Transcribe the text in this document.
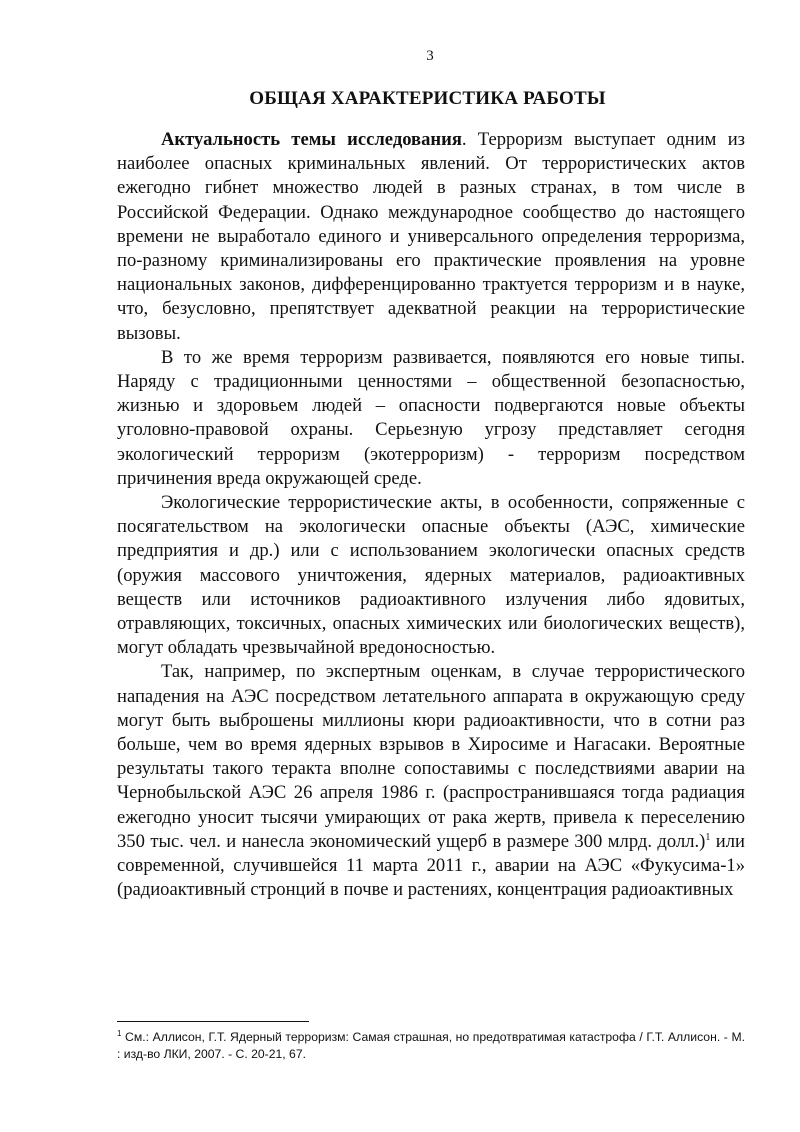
3
ОБЩАЯ ХАРАКТЕРИСТИКА РАБОТЫ

Актуальность темы исследования. Терроризм выступает одним из наиболее опасных криминальных явлений. От террористических актов ежегодно гибнет множество людей в разных странах, в том числе в Российской Федерации. Однако международное сообщество до настоящего времени не выработало единого и универсального определения терроризма, по-разному криминализированы его практические проявления на уровне национальных законов, дифференцированно трактуется терроризм и в науке, что, безусловно, препятствует адекватной реакции на террористические вызовы.

В то же время терроризм развивается, появляются его новые типы. Наряду с традиционными ценностями – общественной безопасностью, жизнью и здоровьем людей – опасности подвергаются новые объекты уголовно-правовой охраны. Серьезную угрозу представляет сегодня экологический терроризм (экотерроризм) - терроризм посредством причинения вреда окружающей среде.

Экологические террористические акты, в особенности, сопряженные с посягательством на экологически опасные объекты (АЭС, химические предприятия и др.) или с использованием экологически опасных средств (оружия массового уничтожения, ядерных материалов, радиоактивных веществ или источников радиоактивного излучения либо ядовитых, отравляющих, токсичных, опасных химических или биологических веществ), могут обладать чрезвычайной вредоносностью.

Так, например, по экспертным оценкам, в случае террористического нападения на АЭС посредством летательного аппарата в окружающую среду могут быть выброшены миллионы кюри радиоактивности, что в сотни раз больше, чем во время ядерных взрывов в Хиросиме и Нагасаки. Вероятные результаты такого теракта вполне сопоставимы с последствиями аварии на Чернобыльской АЭС 26 апреля 1986 г. (распространившаяся тогда радиация ежегодно уносит тысячи умирающих от рака жертв, привела к переселению 350 тыс. чел. и нанесла экономический ущерб в размере 300 млрд. долл.)$^1$ или современной, случившейся 11 марта 2011 г., аварии на АЭС «Фукусима-1» (радиоактивный стронций в почве и растениях, концентрация радиоактивных

$^1$ См.: Аллисон, Г.Т. Ядерный терроризм: Самая страшная, но предотвратимая катастрофа / Г.Т. Аллисон. - М. : изд-во ЛКИ, 2007. - С. 20-21, 67.
